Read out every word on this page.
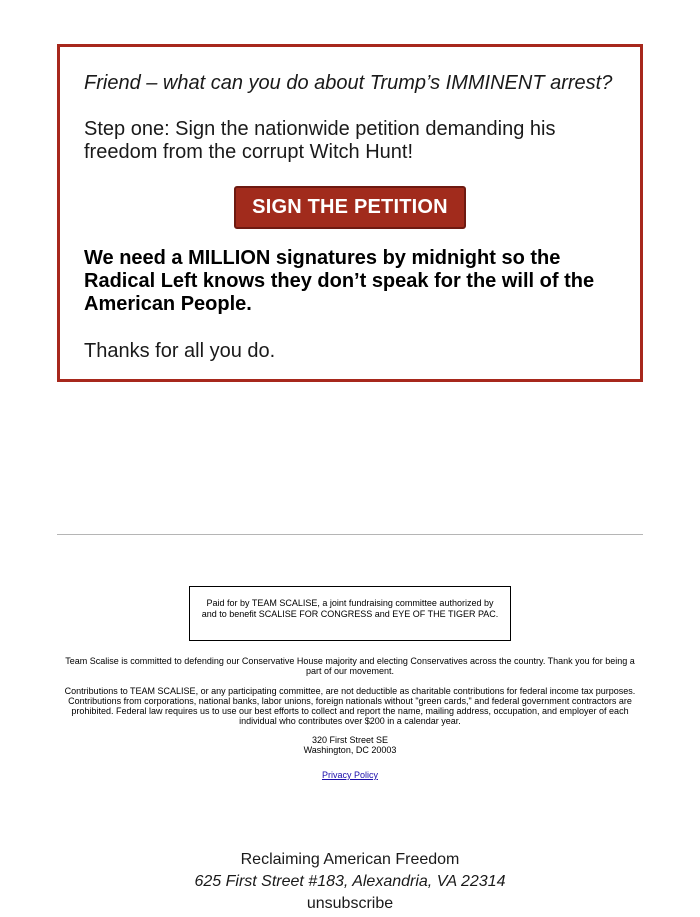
Friend – what can you do about Trump’s IMMINENT arrest?

Step one: Sign the nationwide petition demanding his freedom from the corrupt Witch Hunt!

SIGN THE PETITION

We need a MILLION signatures by midnight so the Radical Left knows they don’t speak for the will of the American People.

Thanks for all you do.

Paid for by TEAM SCALISE, a joint fundraising committee authorized by and to benefit SCALISE FOR CONGRESS and EYE OF THE TIGER PAC.

Team Scalise is committed to defending our Conservative House majority and electing Conservatives across the country. Thank you for being a part of our movement.

Contributions to TEAM SCALISE, or any participating committee, are not deductible as charitable contributions for federal income tax purposes. Contributions from corporations, national banks, labor unions, foreign nationals without "green cards," and federal government contractors are prohibited. Federal law requires us to use our best efforts to collect and report the name, mailing address, occupation, and employer of each individual who contributes over $200 in a calendar year.

320 First Street SE
Washington, DC 20003
Privacy Policy
Reclaiming American Freedom
625 First Street #183, Alexandria, VA 22314
unsubscribe
